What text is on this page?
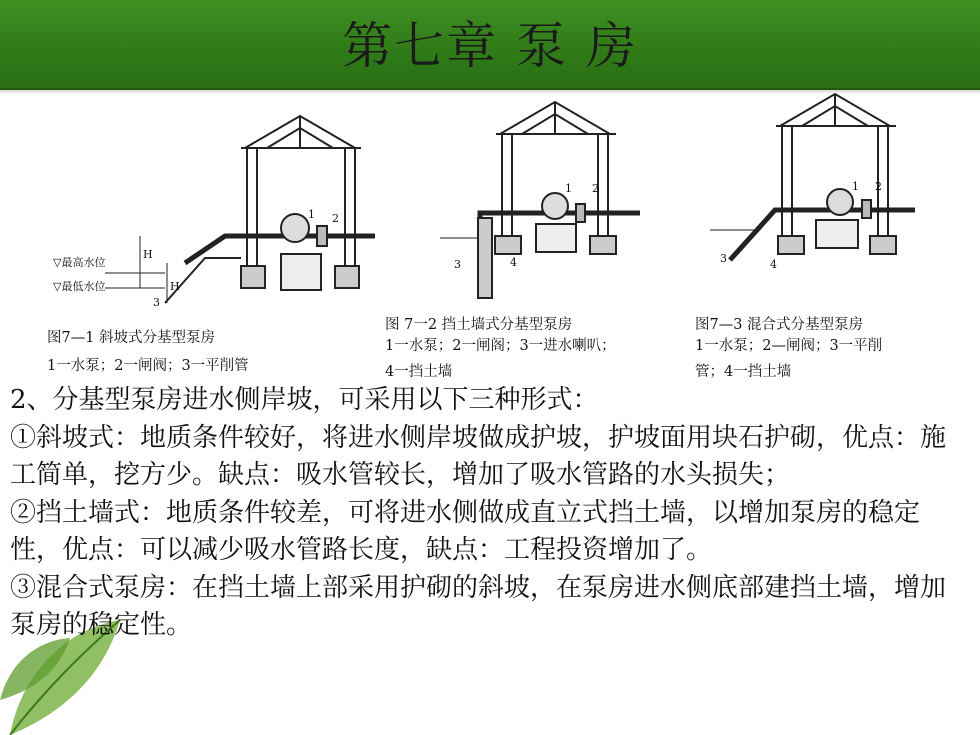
第七章 泵 房
▽最高水位
▽最低水位
H
H
1 2
3
1 2
3	4
1 2
3	4
图7—1 斜坡式分基型泵房
1一水泵；2一闸阀；3一平削管
图 7一2 挡土墙式分基型泵房
1一水泵；2一闸阁；3一进水喇叭；
4一挡土墙
图7—3 混合式分基型泵房
1一水泵；2—闸阀；3一平削
管；4一挡土墙

2、分基型泵房进水侧岸坡，可采用以下三种形式：

①斜坡式：地质条件较好，将进水侧岸坡做成护坡，护坡面用块石护砌，优点：施工简单，挖方少。缺点：吸水管较长，增加了吸水管路的水头损失；

②挡土墙式：地质条件较差，可将进水侧做成直立式挡土墙，以增加泵房的稳定性，优点：可以减少吸水管路长度，缺点：工程投资增加了。

③混合式泵房：在挡土墙上部采用护砌的斜坡，在泵房进水侧底部建挡土墙，增加泵房的稳定性。
